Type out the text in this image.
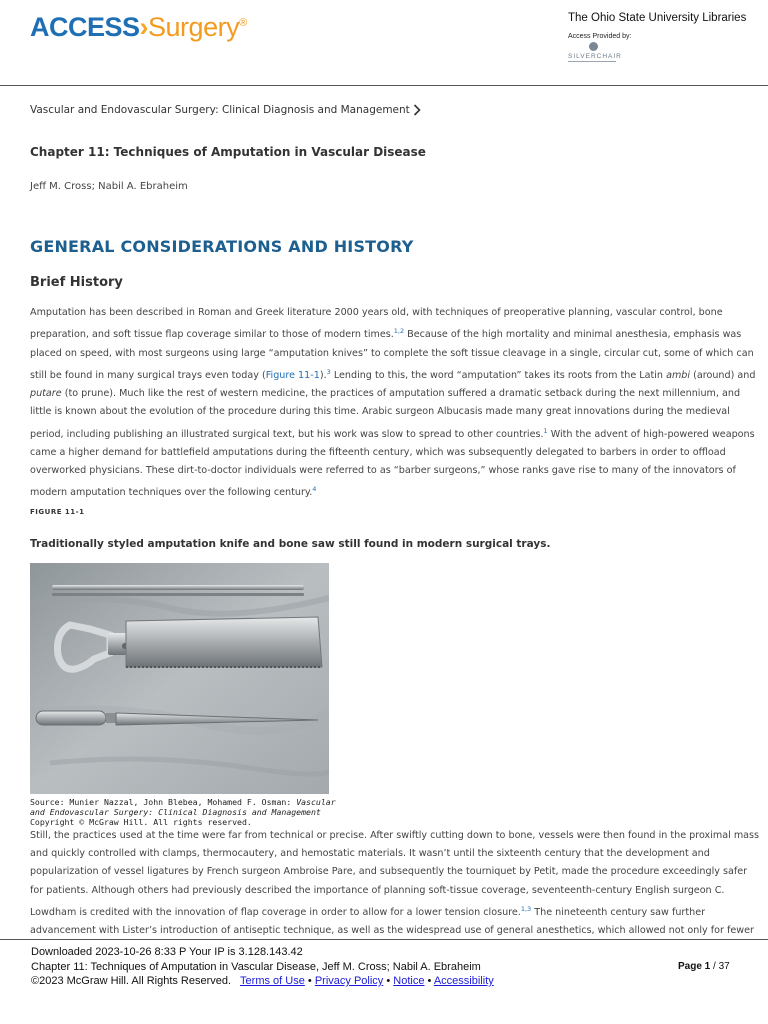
ACCESS›Surgery®	The Ohio State University Libraries
Access Provided by:
SILVERCHAIR
Vascular and Endovascular Surgery: Clinical Diagnosis and Management
Chapter 11: Techniques of Amputation in Vascular Disease
Jeff M. Cross; Nabil A. Ebraheim
GENERAL CONSIDERATIONS AND HISTORY
Brief History
Amputation has been described in Roman and Greek literature 2000 years old, with techniques of preoperative planning, vascular control, bone
preparation, and soft tissue flap coverage similar to those of modern times.$^{1,2}$ Because of the high mortality and minimal anesthesia, emphasis was
placed on speed, with most surgeons using large “amputation knives” to complete the soft tissue cleavage in a single, circular cut, some of which can
still be found in many surgical trays even today (Figure 11-1).$^3$ Lending to this, the word “amputation” takes its roots from the Latin ambi (around) and
putare (to prune). Much like the rest of western medicine, the practices of amputation suffered a dramatic setback during the next millennium, and
little is known about the evolution of the procedure during this time. Arabic surgeon Albucasis made many great innovations during the medieval
period, including publishing an illustrated surgical text, but his work was slow to spread to other countries.$^1$ With the advent of high-powered weapons
came a higher demand for battlefield amputations during the fifteenth century, which was subsequently delegated to barbers in order to offload
overworked physicians. These dirt-to-doctor individuals were referred to as “barber surgeons,” whose ranks gave rise to many of the innovators of
modern amputation techniques over the following century.$^4$
FIGURE 11-1
Traditionally styled amputation knife and bone saw still found in modern surgical trays.
Source: Munier Nazzal, John Blebea, Mohamed F. Osman: Vascular and Endovascular Surgery: Clinical Diagnosis and Management
Copyright © McGraw Hill. All rights reserved.
Still, the practices used at the time were far from technical or precise. After swiftly cutting down to bone, vessels were then found in the proximal mass
and quickly controlled with clamps, thermocautery, and hemostatic materials. It wasn’t until the sixteenth century that the development and
popularization of vessel ligatures by French surgeon Ambroise Pare, and subsequently the tourniquet by Petit, made the procedure exceedingly safer
for patients. Although others had previously described the importance of planning soft-tissue coverage, seventeenth-century English surgeon C.
Lowdham is credited with the innovation of flap coverage in order to allow for a lower tension closure.$^{1,3}$ The nineteenth century saw further
advancement with Lister’s introduction of antiseptic technique, as well as the widespread use of general anesthetics, which allowed not only for fewer
Downloaded 2023-10-26 8:33 P Your IP is 3.128.143.42
Chapter 11: Techniques of Amputation in Vascular Disease, Jeff M. Cross; Nabil A. Ebraheim
©2023 McGraw Hill. All Rights Reserved. Terms of Use • Privacy Policy • Notice • Accessibility
Page 1 / 37
